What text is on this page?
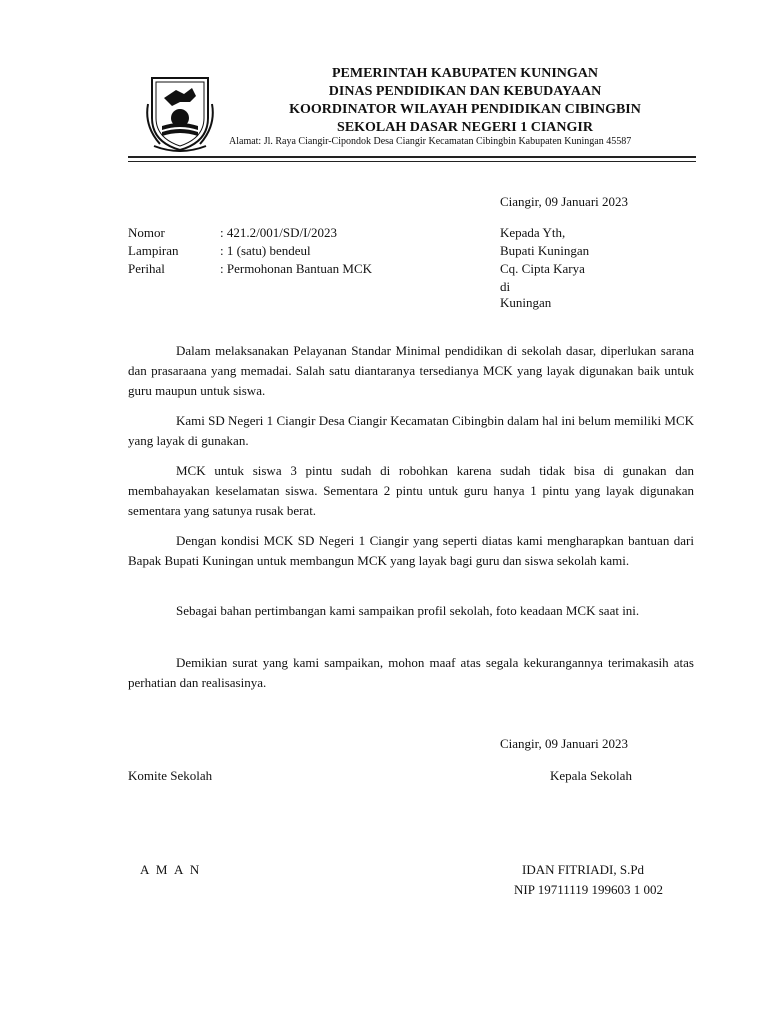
PEMERINTAH KABUPATEN KUNINGAN
DINAS PENDIDIKAN DAN KEBUDAYAAN
KOORDINATOR WILAYAH PENDIDIKAN CIBINGBIN
SEKOLAH DASAR NEGERI 1 CIANGIR
Alamat: Jl. Raya Ciangir-Cipondok Desa Ciangir Kecamatan Cibingbin Kabupaten Kuningan 45587
Ciangir, 09 Januari 2023
Nomor	: 421.2/001/SD/I/2023
Lampiran	: 1 (satu) bendeul
Perihal	: Permohonan Bantuan MCK
Kepada Yth,
Bupati Kuningan
Cq. Cipta Karya
di
Kuningan

Dalam melaksanakan Pelayanan Standar Minimal pendidikan di sekolah dasar, diperlukan sarana dan prasaraana yang memadai. Salah satu diantaranya tersedianya MCK yang layak digunakan baik untuk guru maupun untuk siswa.

Kami SD Negeri 1 Ciangir Desa Ciangir Kecamatan Cibingbin dalam hal ini belum memiliki MCK yang layak di gunakan.

MCK untuk siswa 3 pintu sudah di robohkan karena sudah tidak bisa di gunakan dan membahayakan keselamatan siswa. Sementara 2 pintu untuk guru hanya 1 pintu yang layak digunakan sementara yang satunya rusak berat.

Dengan kondisi MCK SD Negeri 1 Ciangir yang seperti diatas kami mengharapkan bantuan dari Bapak Bupati Kuningan untuk membangun MCK yang layak bagi guru dan siswa sekolah kami.

Sebagai bahan pertimbangan kami sampaikan profil sekolah, foto keadaan MCK saat ini.

Demikian surat yang kami sampaikan, mohon maaf atas segala kekurangannya terimakasih atas perhatian dan realisasinya.

Ciangir, 09 Januari 2023
Komite Sekolah	Kepala Sekolah
A M A N	IDAN FITRIADI, S.Pd
NIP 19711119 199603 1 002
